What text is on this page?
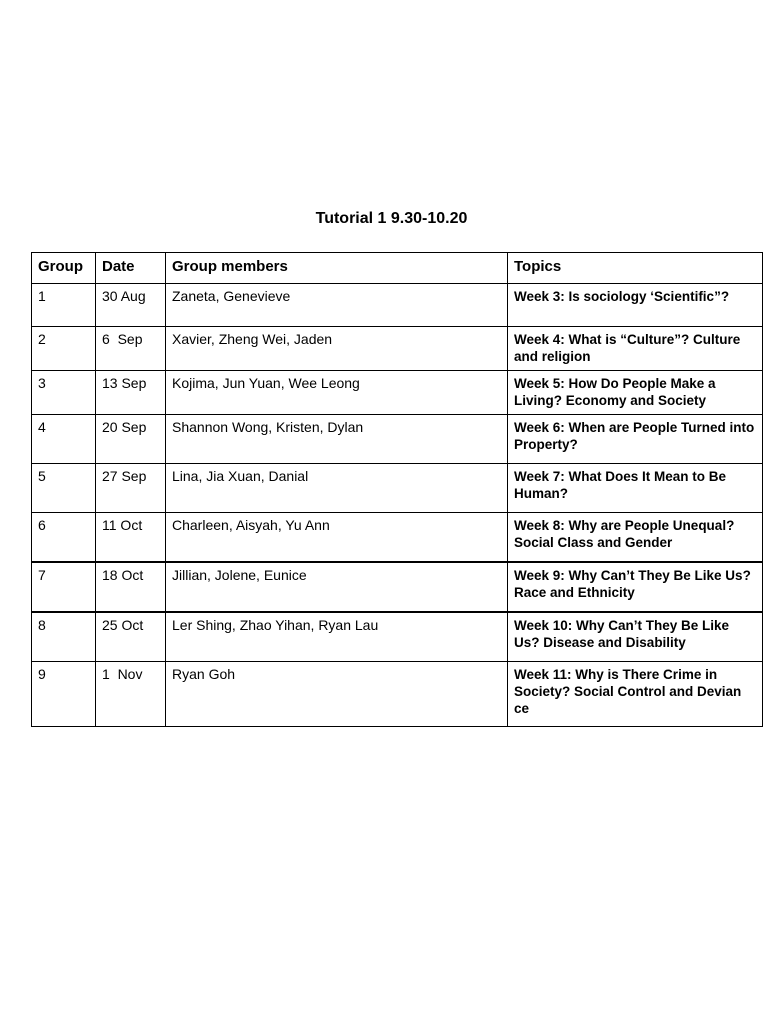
Tutorial 1 9.30-10.20
Group	Date	Group members	Topics
1	30 Aug	Zaneta, Genevieve	Week 3: Is sociology ‘Scientific”?
2	6  Sep	Xavier, Zheng Wei, Jaden	Week 4: What is “Culture”? Culture and religion
3	13 Sep	Kojima, Jun Yuan, Wee Leong	Week 5: How Do People Make a Living? Economy and Society
4	20 Sep	Shannon Wong, Kristen, Dylan	Week 6: When are People Turned into Property?
5	27 Sep	Lina, Jia Xuan, Danial	Week 7: What Does It Mean to Be Human?
6	11 Oct	Charleen, Aisyah, Yu Ann	Week 8: Why are People Unequal? Social Class and Gender
7	18 Oct	Jillian, Jolene, Eunice	Week 9: Why Can’t They Be Like Us? Race and Ethnicity
8	25 Oct	Ler Shing, Zhao Yihan, Ryan Lau	Week 10: Why Can’t They Be Like Us? Disease and Disability
9	1  Nov	Ryan Goh	Week 11: Why is There Crime in Society? Social Control and Devian ce
